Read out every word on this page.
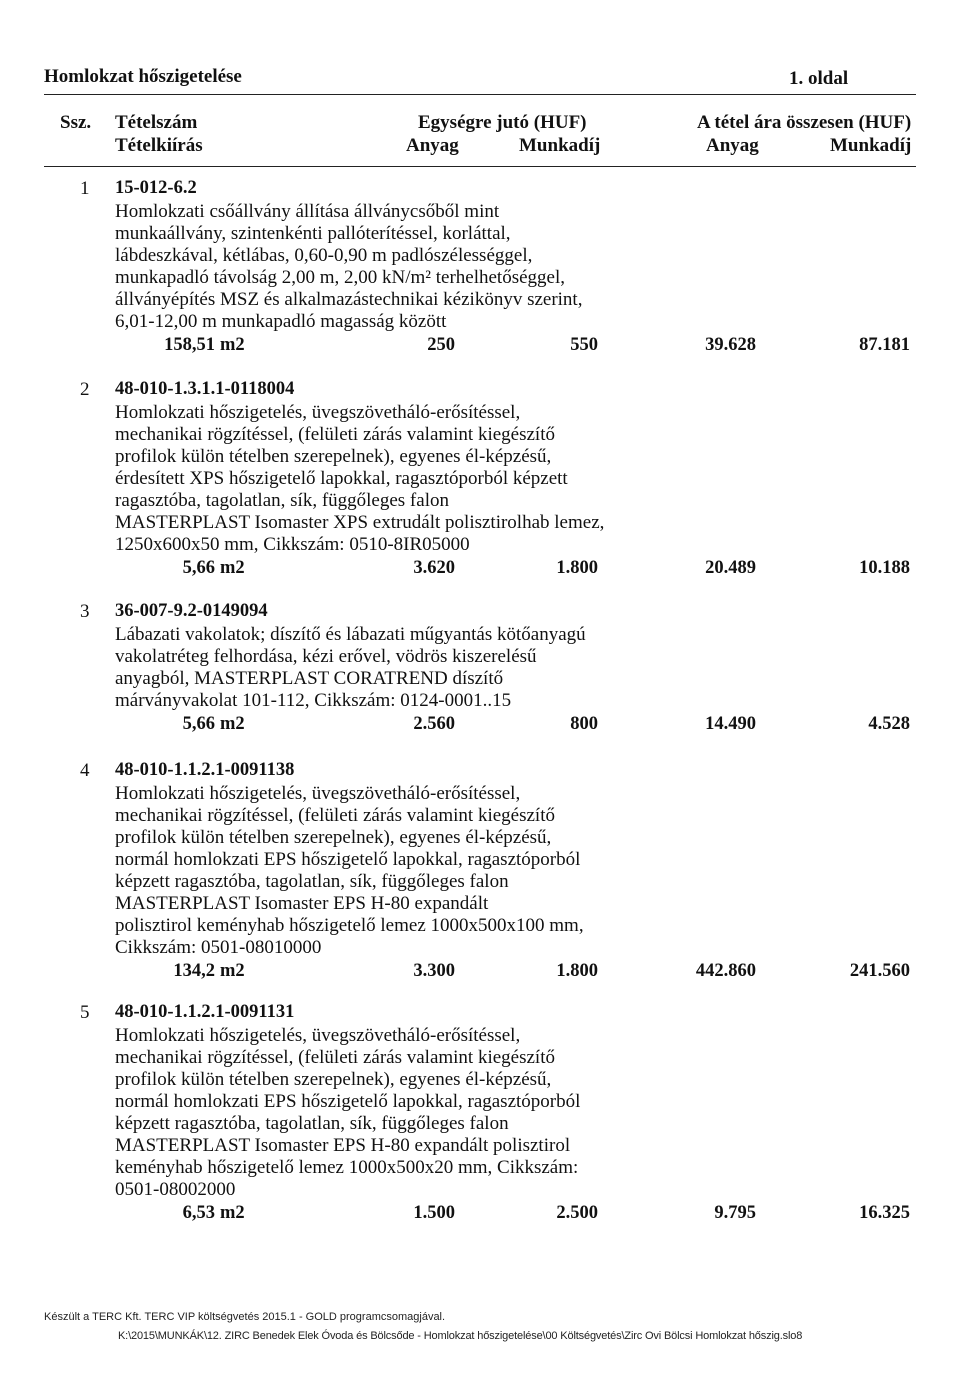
Homlokzat hőszigetelése	1. oldal
Ssz. Tételszám
Tételkiírás
Egységre jutó (HUF)
Anyag	Munkadíj
A tétel ára összesen (HUF)
Anyag	Munkadíj
1 15-012-6.2
Homlokzati csőállvány állítása állványcsőből mint
munkaállvány, szintenkénti pallóterítéssel, korláttal,
lábdeszkával, kétlábas, 0,60-0,90 m padlószélességgel,
munkapadló távolság 2,00 m, 2,00 kN/m² terhelhetőséggel,
állványépítés MSZ és alkalmazástechnikai kézikönyv szerint,
6,01-12,00 m munkapadló magasság között
158,51 m2	250	550	39.628	87.181
2 48-010-1.3.1.1-0118004
Homlokzati hőszigetelés, üvegszövetháló-erősítéssel,
mechanikai rögzítéssel, (felületi zárás valamint kiegészítő
profilok külön tételben szerepelnek), egyenes él-képzésű,
érdesített XPS hőszigetelő lapokkal, ragasztóporból képzett
ragasztóba, tagolatlan, sík, függőleges falon
MASTERPLAST Isomaster XPS extrudált polisztirolhab lemez,
1250x600x50 mm, Cikkszám: 0510-8IR05000
5,66 m2	3.620	1.800	20.489	10.188
3 36-007-9.2-0149094
Lábazati vakolatok; díszítő és lábazati műgyantás kötőanyagú
vakolatréteg felhordása, kézi erővel, vödrös kiszerelésű
anyagból, MASTERPLAST CORATREND díszítő
márványvakolat 101-112, Cikkszám: 0124-0001..15
5,66 m2	2.560	800	14.490	4.528
4 48-010-1.1.2.1-0091138
Homlokzati hőszigetelés, üvegszövetháló-erősítéssel,
mechanikai rögzítéssel, (felületi zárás valamint kiegészítő
profilok külön tételben szerepelnek), egyenes él-képzésű,
normál homlokzati EPS hőszigetelő lapokkal, ragasztóporból
képzett ragasztóba, tagolatlan, sík, függőleges falon
MASTERPLAST Isomaster EPS H-80 expandált
polisztirol keményhab hőszigetelő lemez 1000x500x100 mm,
Cikkszám: 0501-08010000
134,2 m2	3.300	1.800	442.860	241.560
5 48-010-1.1.2.1-0091131
Homlokzati hőszigetelés, üvegszövetháló-erősítéssel,
mechanikai rögzítéssel, (felületi zárás valamint kiegészítő
profilok külön tételben szerepelnek), egyenes él-képzésű,
normál homlokzati EPS hőszigetelő lapokkal, ragasztóporból
képzett ragasztóba, tagolatlan, sík, függőleges falon
MASTERPLAST Isomaster EPS H-80 expandált polisztirol
keményhab hőszigetelő lemez 1000x500x20 mm, Cikkszám:
0501-08002000
6,53 m2	1.500	2.500	9.795	16.325
Készült a TERC Kft. TERC VIP költségvetés 2015.1 - GOLD programcsomagjával.
K:\2015\MUNKÁK\12. ZIRC Benedek Elek Óvoda és Bölcsőde - Homlokzat hőszigetelése\00 Költségvetés\Zirc Ovi Bölcsi Homlokzat hőszig.slo8
